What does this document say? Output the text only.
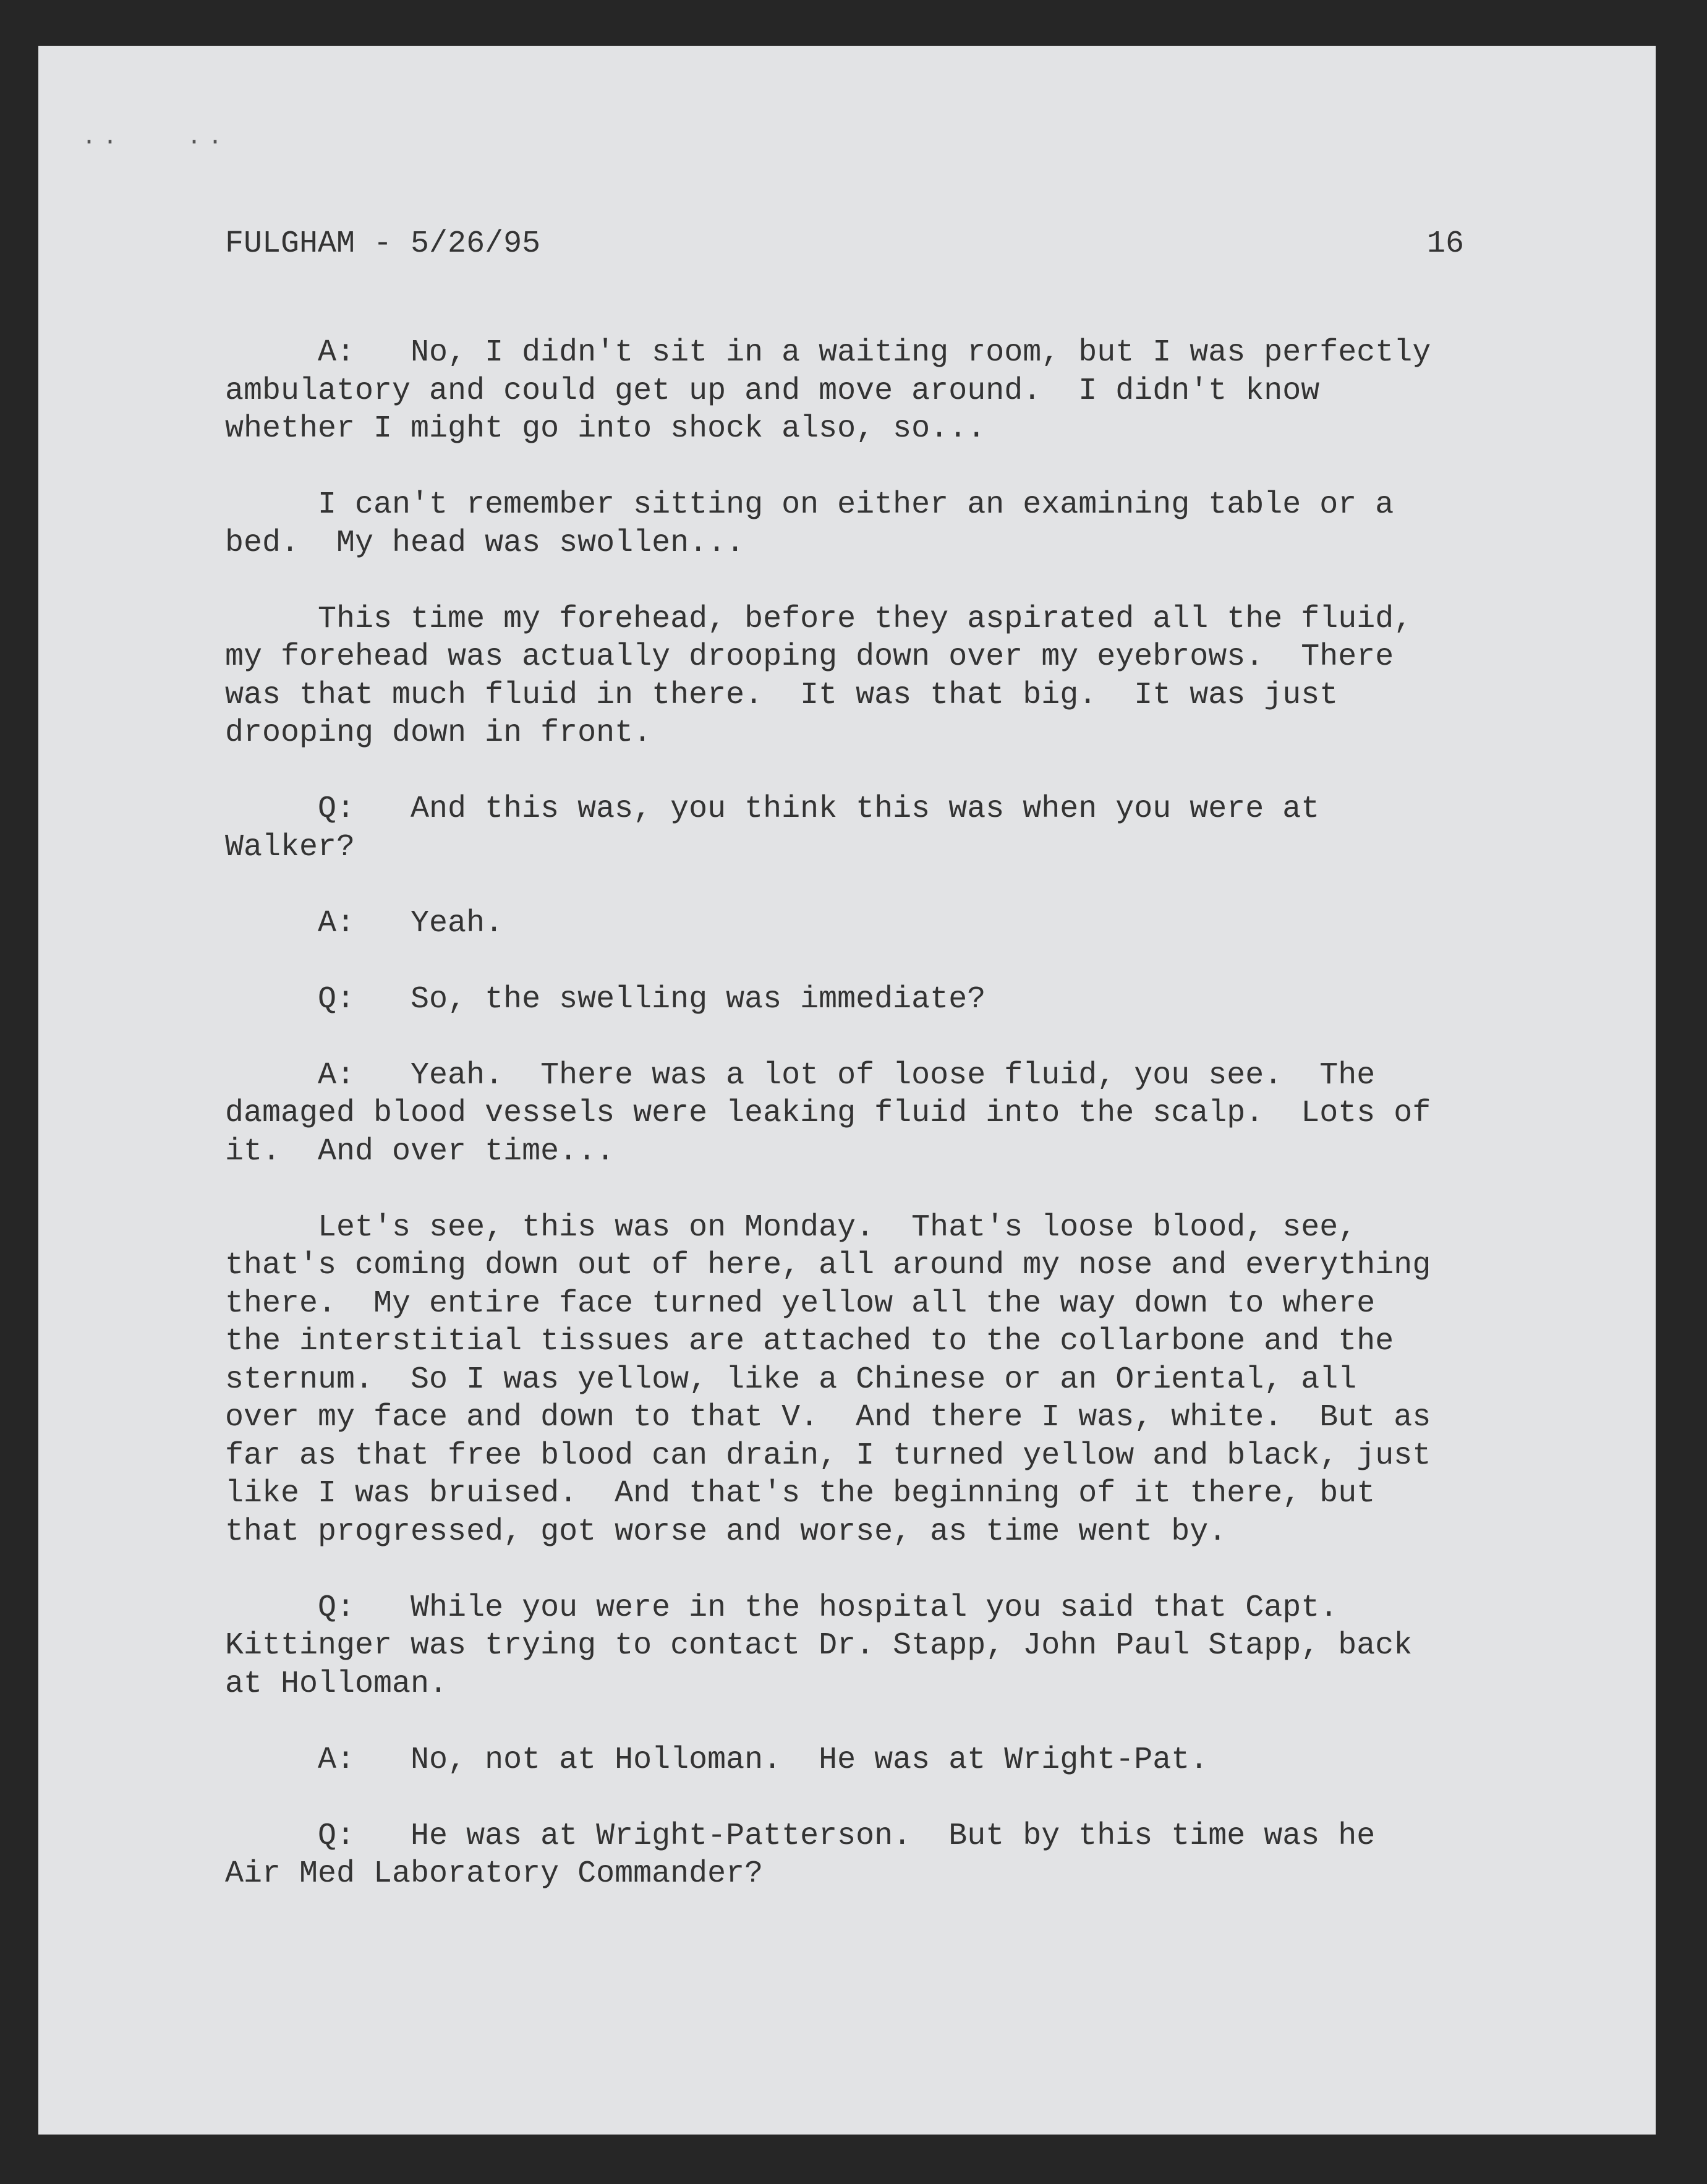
..   ..
FULGHAM - 5/26/95	16
A:   No, I didn't sit in a waiting room, but I was perfectly
ambulatory and could get up and move around.  I didn't know
whether I might go into shock also, so...
I can't remember sitting on either an examining table or a
bed.  My head was swollen...
This time my forehead, before they aspirated all the fluid,
my forehead was actually drooping down over my eyebrows.  There
was that much fluid in there.  It was that big.  It was just
drooping down in front.
Q:   And this was, you think this was when you were at
Walker?
A:   Yeah.
Q:   So, the swelling was immediate?
A:   Yeah.  There was a lot of loose fluid, you see.  The
damaged blood vessels were leaking fluid into the scalp.  Lots of
it.  And over time...
Let's see, this was on Monday.  That's loose blood, see,
that's coming down out of here, all around my nose and everything
there.  My entire face turned yellow all the way down to where
the interstitial tissues are attached to the collarbone and the
sternum.  So I was yellow, like a Chinese or an Oriental, all
over my face and down to that V.  And there I was, white.  But as
far as that free blood can drain, I turned yellow and black, just
like I was bruised.  And that's the beginning of it there, but
that progressed, got worse and worse, as time went by.
Q:   While you were in the hospital you said that Capt.
Kittinger was trying to contact Dr. Stapp, John Paul Stapp, back
at Holloman.
A:   No, not at Holloman.  He was at Wright-Pat.
Q:   He was at Wright-Patterson.  But by this time was he
Air Med Laboratory Commander?
